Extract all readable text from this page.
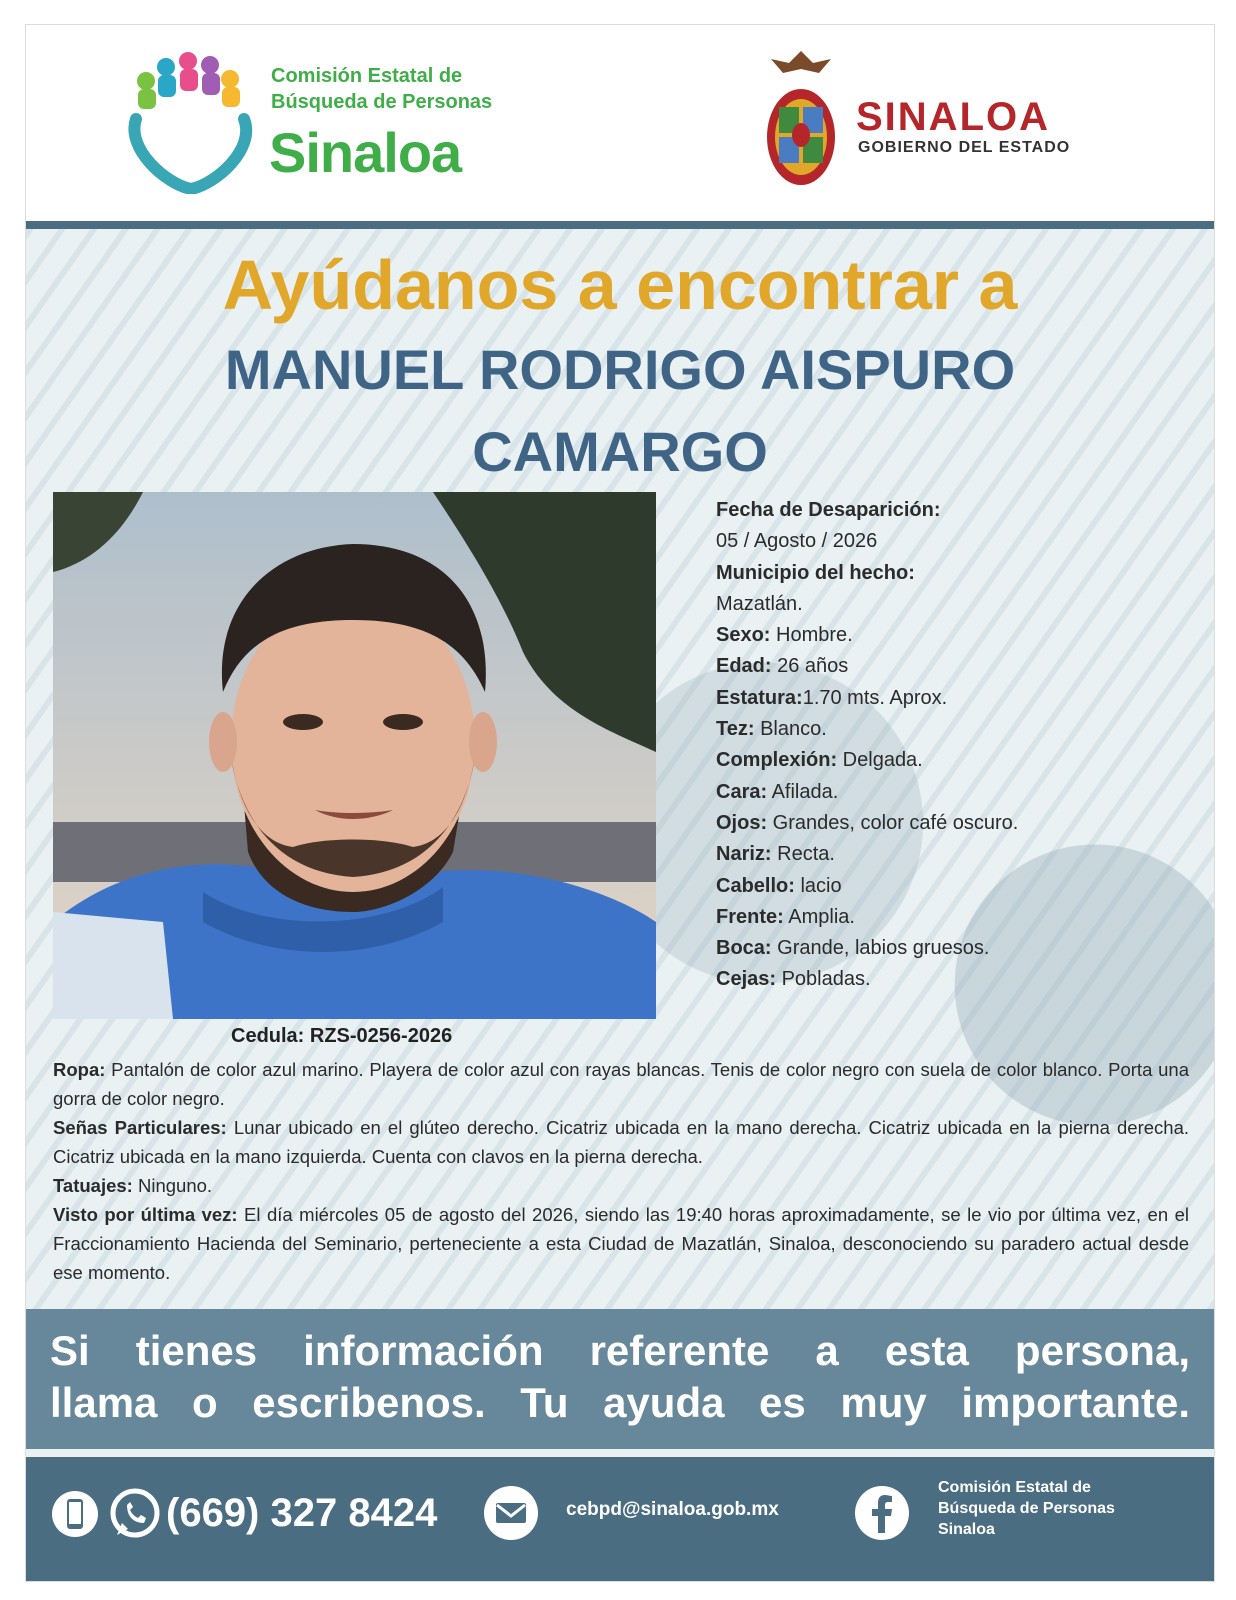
Comisión Estatal de
Búsqueda de Personas
Sinaloa
SINALOA
GOBIERNO DEL ESTADO
Ayúdanos a encontrar a
MANUEL RODRIGO AISPURO
CAMARGO
Fecha de Desaparición:
05 / Agosto / 2026
Municipio del hecho:
Mazatlán.
Sexo: Hombre.
Edad: 26 años
Estatura:1.70 mts. Aprox.
Tez: Blanco.
Complexión: Delgada.
Cara: Afilada.
Ojos: Grandes, color café oscuro.
Nariz: Recta.
Cabello: lacio
Frente: Amplia.
Boca: Grande, labios gruesos.
Cejas: Pobladas.
Cedula: RZS-0256-2026

Ropa: Pantalón de color azul marino. Playera de color azul con rayas blancas. Tenis de color negro con suela de color blanco. Porta una gorra de color negro.

Señas Particulares: Lunar ubicado en el glúteo derecho. Cicatriz ubicada en la mano derecha. Cicatriz ubicada en la pierna derecha. Cicatriz ubicada en la mano izquierda. Cuenta con clavos en la pierna derecha.

Tatuajes: Ninguno.

Visto por última vez: El día miércoles 05 de agosto del 2026, siendo las 19:40 horas aproximadamente, se le vio por última vez, en el Fraccionamiento Hacienda del Seminario, perteneciente a esta Ciudad de Mazatlán, Sinaloa, desconociendo su paradero actual desde ese momento.

Si tienes información referente a esta persona,
llama o escribenos. Tu ayuda es muy importante.
(669) 327 8424	cebpd@sinaloa.gob.mx
Comisión Estatal de
Búsqueda de Personas
Sinaloa
